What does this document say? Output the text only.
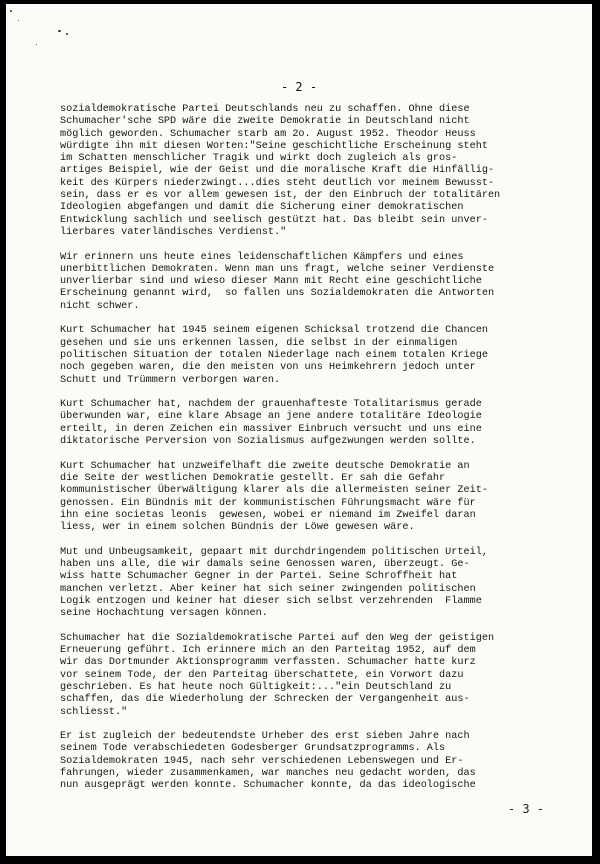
- 2 -
sozialdemokratische Partei Deutschlands neu zu schaffen. Ohne diese
Schumacher'sche SPD wäre die zweite Demokratie in Deutschland nicht
möglich geworden. Schumacher starb am 2o. August 1952. Theodor Heuss
würdigte ihn mit diesen Worten:"Seine geschichtliche Erscheinung steht
im Schatten menschlicher Tragik und wirkt doch zugleich als gros-
artiges Beispiel, wie der Geist und die moralische Kraft die Hinfällig-
keit des Kürpers niederzwingt...dies steht deutlich vor meinem Bewusst-
sein, dass er es vor allem gewesen ist, der den Einbruch der totalitären
Ideologien abgefangen und damit die Sicherung einer demokratischen
Entwicklung sachlich und seelisch gestützt hat. Das bleibt sein unver-
lierbares vaterländisches Verdienst."
Wir erinnern uns heute eines leidenschaftlichen Kämpfers und eines
unerbittlichen Demokraten. Wenn man uns fragt, welche seiner Verdienste
unverlierbar sind und wieso dieser Mann mit Recht eine geschichtliche
Erscheinung genannt wird,  so fallen uns Sozialdemokraten die Antworten
nicht schwer.
Kurt Schumacher hat 1945 seinem eigenen Schicksal trotzend die Chancen
gesehen und sie uns erkennen lassen, die selbst in der einmaligen
politischen Situation der totalen Niederlage nach einem totalen Kriege
noch gegeben waren, die den meisten von uns Heimkehrern jedoch unter
Schutt und Trümmern verborgen waren.
Kurt Schumacher hat, nachdem der grauenhafteste Totalitarismus gerade
überwunden war, eine klare Absage an jene andere totalitäre Ideologie
erteilt, in deren Zeichen ein massiver Einbruch versucht und uns eine
diktatorische Perversion von Sozialismus aufgezwungen werden sollte.
Kurt Schumacher hat unzweifelhaft die zweite deutsche Demokratie an
die Seite der westlichen Demokratie gestellt. Er sah die Gefahr
kommunistischer Überwältigung klarer als die allermeisten seiner Zeit-
genossen. Ein Bündnis mit der kommunistischen Führungsmacht wäre für
ihn eine societas leonis  gewesen, wobei er niemand im Zweifel daran
liess, wer in einem solchen Bündnis der Löwe gewesen wäre.
Mut und Unbeugsamkeit, gepaart mit durchdringendem politischen Urteil,
haben uns alle, die wir damals seine Genossen waren, überzeugt. Ge-
wiss hatte Schumacher Gegner in der Partei. Seine Schroffheit hat
manchen verletzt. Aber keiner hat sich seiner zwingenden politischen
Logik entzogen und keiner hat dieser sich selbst verzehrenden  Flamme
seine Hochachtung versagen können.
Schumacher hat die Sozialdemokratische Partei auf den Weg der geistigen
Erneuerung geführt. Ich erinnere mich an den Parteitag 1952, auf dem
wir das Dortmunder Aktionsprogramm verfassten. Schumacher hatte kurz
vor seinem Tode, der den Parteitag überschattete, ein Vorwort dazu
geschrieben. Es hat heute noch Gültigkeit:..."ein Deutschland zu
schaffen, das die Wiederholung der Schrecken der Vergangenheit aus-
schliesst."
Er ist zugleich der bedeutendste Urheber des erst sieben Jahre nach
seinem Tode verabschiedeten Godesberger Grundsatzprogramms. Als
Sozialdemokraten 1945, nach sehr verschiedenen Lebenswegen und Er-
fahrungen, wieder zusammenkamen, war manches neu gedacht worden, das
nun ausgeprägt werden konnte. Schumacher konnte, da das ideologische
- 3 -
